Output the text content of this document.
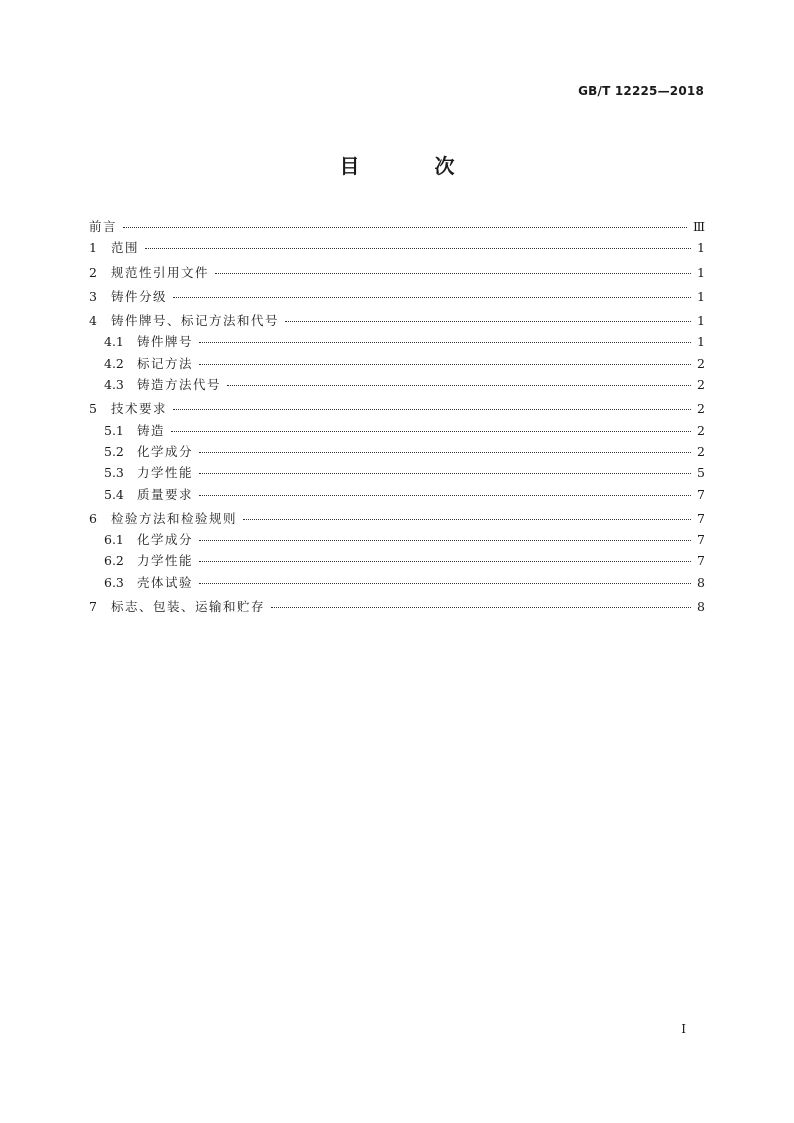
GB/T 12225—2018
目 次
前言	Ⅲ
1	范围	1
2	规范性引用文件	1
3	铸件分级	1
4	铸件牌号、标记方法和代号	1
4.1	铸件牌号	1
4.2	标记方法	2
4.3	铸造方法代号	2
5	技术要求	2
5.1	铸造	2
5.2	化学成分	2
5.3	力学性能	5
5.4	质量要求	7
6	检验方法和检验规则	7
6.1	化学成分	7
6.2	力学性能	7
6.3	壳体试验	8
7	标志、包装、运输和贮存	8
Ⅰ
